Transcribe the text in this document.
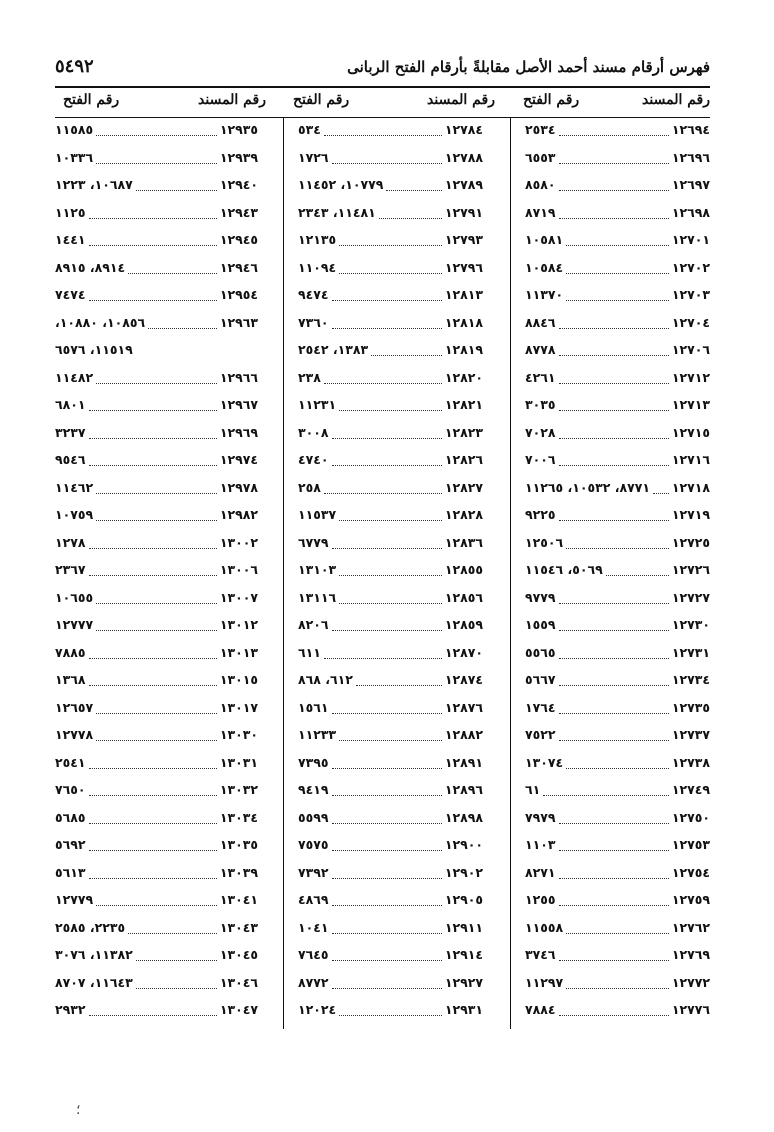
فهرس أرقام مسند أحمد الأصل مقابلةً بأرقام الفتح الربانى
٥٤٩٢
رقم المسند
رقم الفتح
رقم المسند
رقم الفتح
رقم المسند
رقم الفتح
١١٥٨٥	١٢٩٣٥
١٠٣٣٦	١٢٩٣٩
١٠٦٨٧، ١٢٢٣	١٢٩٤٠
١١٢٥	١٢٩٤٣
١٤٤١	١٢٩٤٥
٨٩١٤، ٨٩١٥	١٢٩٤٦
٧٤٧٤	١٢٩٥٤
١٠٨٥٦، ١٠٨٨٠،	١٢٩٦٣
١١٥١٩، ٦٥٧٦
١١٤٨٢	١٢٩٦٦
٦٨٠١	١٢٩٦٧
٣٢٣٧	١٢٩٦٩
٩٥٤٦	١٢٩٧٤
١١٤٦٢	١٢٩٧٨
١٠٧٥٩	١٢٩٨٢
١٢٧٨	١٣٠٠٢
٢٣٦٧	١٣٠٠٦
١٠٦٥٥	١٣٠٠٧
١٢٧٧٧	١٣٠١٢
٧٨٨٥	١٣٠١٣
١٣٦٨	١٣٠١٥
١٢٦٥٧	١٣٠١٧
١٢٧٧٨	١٣٠٣٠
٢٥٤١	١٣٠٣١
٧٦٥٠	١٣٠٣٢
٥٦٨٥	١٣٠٣٤
٥٦٩٢	١٣٠٣٥
٥٦١٣	١٣٠٣٩
١٢٧٧٩	١٣٠٤١
٢٢٣٥، ٢٥٨٥	١٣٠٤٣
١١٣٨٢، ٣٠٧٦	١٣٠٤٥
١١٦٤٣، ٨٧٠٧	١٣٠٤٦
٢٩٣٢	١٣٠٤٧
٥٣٤	١٢٧٨٤
١٧٢٦	١٢٧٨٨
١٠٧٧٩، ١١٤٥٢	١٢٧٨٩
١١٤٨١، ٢٣٤٣	١٢٧٩١
١٢١٣٥	١٢٧٩٣
١١٠٩٤	١٢٧٩٦
٩٤٧٤	١٢٨١٣
٧٣٦٠	١٢٨١٨
١٣٨٣، ٢٥٤٢	١٢٨١٩
٢٣٨	١٢٨٢٠
١١٢٣١	١٢٨٢١
٣٠٠٨	١٢٨٢٣
٤٧٤٠	١٢٨٢٦
٢٥٨	١٢٨٢٧
١١٥٣٧	١٢٨٢٨
٦٧٧٩	١٢٨٣٦
١٣١٠٣	١٢٨٥٥
١٣١١٦	١٢٨٥٦
٨٢٠٦	١٢٨٥٩
٦١١	١٢٨٧٠
٦١٢، ٨٦٨	١٢٨٧٤
١٥٦١	١٢٨٧٦
١١٢٣٣	١٢٨٨٢
٧٣٩٥	١٢٨٩١
٩٤١٩	١٢٨٩٦
٥٥٩٩	١٢٨٩٨
٧٥٧٥	١٢٩٠٠
٧٣٩٢	١٢٩٠٢
٤٨٦٩	١٢٩٠٥
١٠٤١	١٢٩١١
٧٦٤٥	١٢٩١٤
٨٧٧٢	١٢٩٢٧
١٢٠٢٤	١٢٩٣١
٢٥٣٤	١٢٦٩٤
٦٥٥٣	١٢٦٩٦
٨٥٨٠	١٢٦٩٧
٨٧١٩	١٢٦٩٨
١٠٥٨١	١٢٧٠١
١٠٥٨٤	١٢٧٠٢
١١٣٧٠	١٢٧٠٣
٨٨٤٦	١٢٧٠٤
٨٧٧٨	١٢٧٠٦
٤٢٦١	١٢٧١٢
٣٠٣٥	١٢٧١٣
٧٠٢٨	١٢٧١٥
٧٠٠٦	١٢٧١٦
٨٧٧١، ١٠٥٣٢، ١١٢٦٥ ١٢٧١٨
٩٢٢٥	١٢٧١٩
١٢٥٠٦	١٢٧٢٥
٥٠٦٩، ١١٥٤٦	١٢٧٢٦
٩٧٧٩	١٢٧٢٧
١٥٥٩	١٢٧٣٠
٥٥٦٥	١٢٧٣١
٥٦٦٧	١٢٧٣٤
١٧٦٤	١٢٧٣٥
٧٥٢٢	١٢٧٣٧
١٣٠٧٤	١٢٧٣٨
٦١	١٢٧٤٩
٧٩٧٩	١٢٧٥٠
١١٠٣	١٢٧٥٣
٨٢٧١	١٢٧٥٤
١٢٥٥	١٢٧٥٩
١١٥٥٨	١٢٧٦٢
٣٧٤٦	١٢٧٦٩
١١٢٩٧	١٢٧٧٢
٧٨٨٤	١٢٧٧٦
؛
